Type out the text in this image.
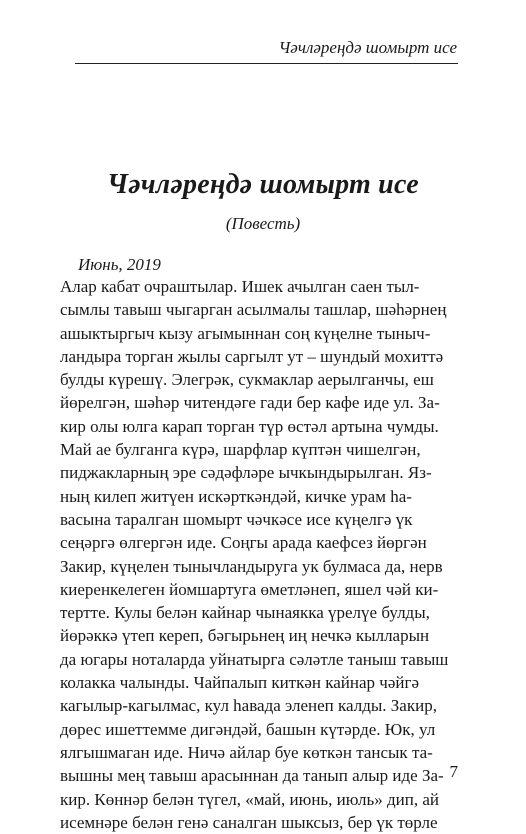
Чәчләреңдә шомырт исе
Чәчләреңдә шомырт исе
(Повесть)
Июнь, 2019
Алар кабат очраштылар. Ишек ачылган саен тыл-
сымлы тавыш чыгарган асылмалы ташлар, шәһәрнең
ашыктыргыч кызу агымыннан соң күңелне тыныч-
ландыра торган жылы саргылт ут – шундый мохиттә
булды күрешү. Элегрәк, сукмаклар аерылганчы, еш
йөрелгән, шәһәр читендәге гади бер кафе иде ул. За-
кир олы юлга карап торган түр өстәл артына чумды.
Май ае булганга күрә, шарфлар күптән чишелгән,
пиджакларның эре сәдәфләре ычкындырылган. Яз-
ның килеп житүен искәрткәндәй, кичке урам һа-
васына таралган шомырт чәчкәсе исе күңелгә үк
сеңәргә өлгергән иде. Соңгы арада каефсез йөргән
Закир, күңелен тынычландыруга ук булмаса да, нерв
киеренкелеген йомшартуга өметләнеп, яшел чәй ки-
тертте. Кулы белән кайнар чынаякка үрелүе булды,
йөрәккә үтеп кереп, бәгырьнең иң нечкә кылларын
да югары ноталарда уйнатырга сәләтле таныш тавыш
колакка чалынды. Чайпалып киткән кайнар чәйгә
кагылыр-кагылмас, кул һавада эленеп калды. Закир,
дөрес ишеттемме дигәндәй, башын күтәрде. Юк, ул
ялгышмаган иде. Ничә айлар буе көткән тансык та-
вышны мең тавыш арасыннан да танып алыр иде За-
кир. Көннәр белән түгел, «май, июнь, июль» дип, ай
исемнәре белән генә саналган шыксыз, бер үк төрле
7
